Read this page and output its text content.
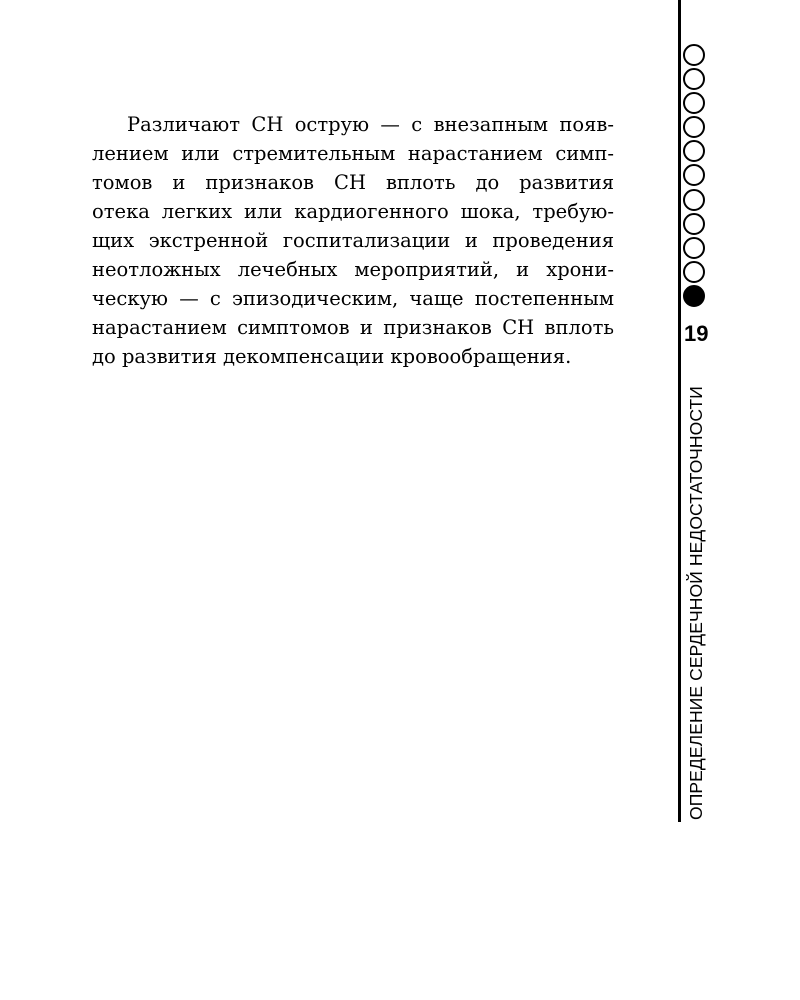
Различают СН острую — с внезапным появ-
лением или стремительным нарастанием симп-
томов и признаков СН вплоть до развития
отека легких или кардиогенного шока, требую-
щих экстренной госпитализации и проведения
неотложных лечебных мероприятий, и хрони-
ческую — с эпизодическим, чаще постепенным
нарастанием симптомов и признаков СН вплоть
до развития декомпенсации кровообращения.
19
ОПРЕДЕЛЕНИЕ СЕРДЕЧНОЙ НЕДОСТАТОЧНОСТИ
